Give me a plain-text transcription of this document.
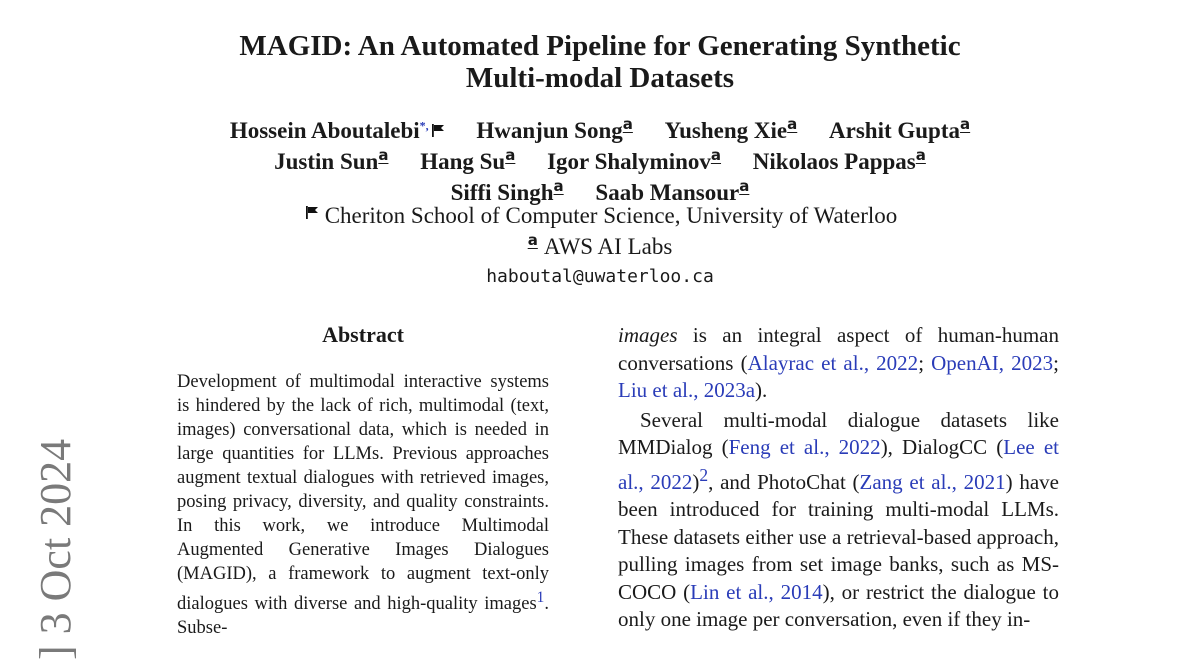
MAGID: An Automated Pipeline for Generating Synthetic
Multi-modal Datasets
Hossein Aboutalebi*, Hwanjun Songa Yusheng Xiea Arshit Guptaa
Justin Suna Hang Sua Igor Shalyminova Nikolaos Pappasa
Siffi Singha Saab Mansoura
Cheriton School of Computer Science, University of Waterloo
a AWS AI Labs
haboutal@uwaterloo.ca
Abstract
Development of multimodal interactive systems is hindered by the lack of rich, multimodal (text, images) conversational data, which is needed in large quantities for LLMs. Previous approaches augment textual dialogues with retrieved images, posing privacy, diversity, and quality constraints. In this work, we introduce Multimodal Augmented Generative Images Dialogues (MAGID), a framework to augment text-only dialogues with diverse and high-quality images$^1$. Subse-

images is an integral aspect of human-human conversations (Alayrac et al., 2022; OpenAI, 2023; Liu et al., 2023a).

Several multi-modal dialogue datasets like MMDialog (Feng et al., 2022), DialogCC (Lee et al., 2022)$^2$, and PhotoChat (Zang et al., 2021) have been introduced for training multi-modal LLMs. These datasets either use a retrieval-based approach, pulling images from set image banks, such as MS-COCO (Lin et al., 2014), or restrict the dialogue to only one image per conversation, even if they in-

] 3 Oct 2024
